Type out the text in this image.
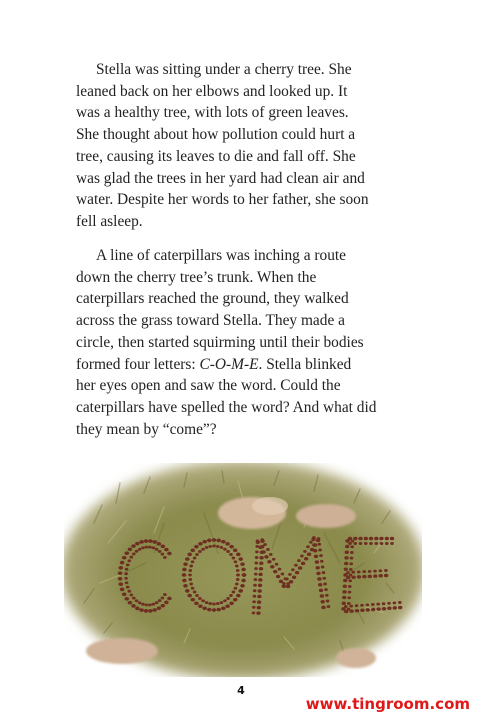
Stella was sitting under a cherry tree. She
leaned back on her elbows and looked up. It
was a healthy tree, with lots of green leaves.
She thought about how pollution could hurt a
tree, causing its leaves to die and fall off. She
was glad the trees in her yard had clean air and
water. Despite her words to her father, she soon
fell asleep.
A line of caterpillars was inching a route
down the cherry tree’s trunk. When the
caterpillars reached the ground, they walked
across the grass toward Stella. They made a
circle, then started squirming until their bodies
formed four letters: C-O-M-E. Stella blinked
her eyes open and saw the word. Could the
caterpillars have spelled the word? And what did
they mean by “come”?
4
www.tingroom.com
